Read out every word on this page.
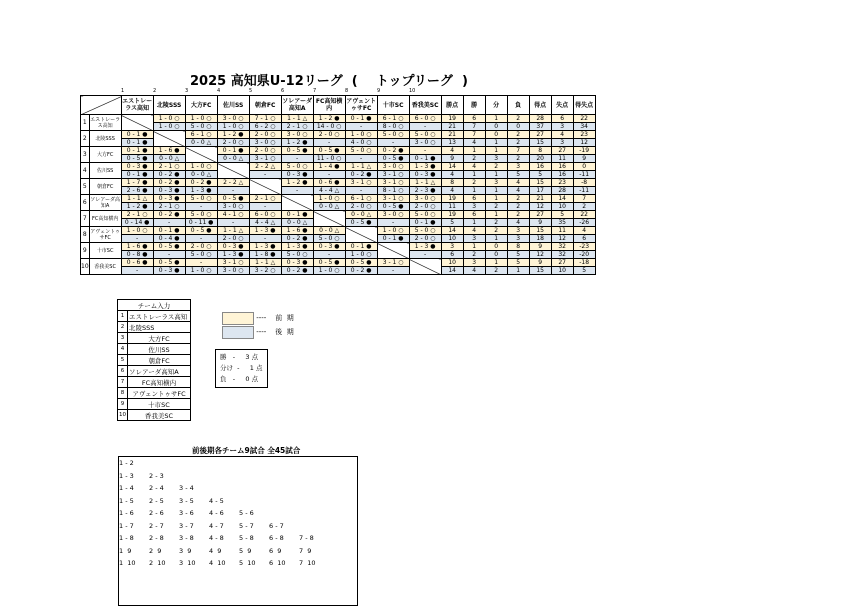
2025 高知県U-12リーグ  (    トップリーグ  )
1	2	3	4	5	6	7	8	9	10
		エストレーラス高知	北陵SSS	大方FC	佐川SS	朝倉FC	ソレアーダ高知A	FC高知横内	アヴェントゥサFC	十市SC	香我美SC	勝点	勝	分	負	得点	失点	得失点
1	エストレーラス高知		1 - 0 ○	1 - 0 ○	3 - 0 ○	7 - 1 ○	1 - 1 △	1 - 2 ●	0 - 1 ●	6 - 1 ○	6 - 0 ○	19	6	1	2	28	6	22
			1 - 0 ○	5 - 0 ○	1 - 0 ○	6 - 2 ○	2 - 1 ○	14 - 0 ○	-	8 - 0 ○	-	21	7	0	0	37	3	34
2	北陵SSS	0 - 1 ●		6 - 1 ○	1 - 2 ●	2 - 0 ○	3 - 0 ○	2 - 0 ○	1 - 0 ○	5 - 0 ○	5 - 0 ○	21	7	0	2	27	4	23
		0 - 1 ●		0 - 0 △	2 - 0 ○	3 - 0 ○	1 - 2 ●	-	4 - 0 ○	-	3 - 0 ○	13	4	1	2	15	3	12
3	大方FC	0 - 1 ●	1 - 6 ●		0 - 1 ●	2 - 0 ○	0 - 5 ●	0 - 5 ●	5 - 0 ○	0 - 2 ●	-	4	1	1	7	8	27	-19
		0 - 5 ●	0 - 0 △		0 - 0 △	3 - 1 ○	-	11 - 0 ○	-	0 - 5 ●	0 - 1 ●	9	2	3	2	20	11	9
4	佐川SS	0 - 3 ●	2 - 1 ○	1 - 0 ○		2 - 2 △	5 - 0 ○	1 - 4 ●	1 - 1 △	3 - 0 ○	1 - 3 ●	14	4	2	3	16	16	0
		0 - 1 ●	0 - 2 ●	0 - 0 △		-	0 - 3 ●	-	0 - 2 ●	3 - 1 ○	0 - 3 ●	4	1	1	5	5	16	-11
5	朝倉FC	1 - 7 ●	0 - 2 ●	0 - 2 ●	2 - 2 △		1 - 2 ●	0 - 6 ●	3 - 1 ○	3 - 1 ○	1 - 1 △	8	2	3	4	15	23	-8
		2 - 6 ●	0 - 3 ●	1 - 3 ●	-		-	4 - 4 △	-	8 - 1 ○	2 - 3 ●	4	1	1	4	17	28	-11
6	ソレアーダ高知A	1 - 1 △	0 - 3 ●	5 - 0 ○	0 - 5 ●	2 - 1 ○		1 - 0 ○	6 - 1 ○	3 - 1 ○	3 - 0 ○	19	6	1	2	21	14	7
		1 - 2 ●	2 - 1 ○	-	3 - 0 ○	-		0 - 0 △	2 - 0 ○	0 - 5 ●	2 - 0 ○	11	3	2	2	12	10	2
7	FC高知横内	2 - 1 ○	0 - 2 ●	5 - 0 ○	4 - 1 ○	6 - 0 ○	0 - 1 ●		0 - 0 △	3 - 0 ○	5 - 0 ○	19	6	1	2	27	5	22
		0 - 14 ●	-	0 - 11 ●	-	4 - 4 △	0 - 0 △		0 - 5 ●	-	0 - 1 ●	5	1	2	4	9	35	-26
8	アヴェントゥサFC	1 - 0 ○	0 - 1 ●	0 - 5 ●	1 - 1 △	1 - 3 ●	1 - 6 ●	0 - 0 △		1 - 0 ○	5 - 0 ○	14	4	2	3	15	11	4
		-	0 - 4 ●	-	2 - 0 ○	-	0 - 2 ●	5 - 0 ○		0 - 1 ●	2 - 0 ○	10	3	1	3	18	12	6
9	十市SC	1 - 6 ●	0 - 5 ●	2 - 0 ○	0 - 3 ●	1 - 3 ●	1 - 3 ●	0 - 3 ●	0 - 1 ●		1 - 3 ●	3	1	0	8	9	32	-23
		0 - 8 ●	-	5 - 0 ○	1 - 3 ●	1 - 8 ●	5 - 0 ○	-	1 - 0 ○		-	6	2	0	5	12	32	-20
10	香我美SC	0 - 6 ●	0 - 5 ●	-	3 - 1 ○	1 - 1 △	0 - 3 ●	0 - 5 ●	0 - 5 ●	3 - 1 ○		10	3	1	5	9	27	-18
		-	0 - 3 ●	1 - 0 ○	3 - 0 ○	3 - 2 ○	0 - 2 ●	1 - 0 ○	0 - 2 ●	-		14	4	2	1	15	10	5
----    前  期
----    後  期
チーム入力	
1	エストレーラス高知
2	北陵SSS
3	大方FC
4	佐川SS
5	朝倉FC
6	ソレアーダ高知A
7	FC高知横内
8	アヴェントゥサFC
9	十市SC
10	香我美SC
勝   -     3 点
分け  -     1 点
負   -     0 点
前後期各チーム9試合 全45試合
1 - 2
1 - 3 2 - 3
1 - 4 2 - 4 3 - 4
1 - 5 2 - 5 3 - 5 4 - 5
1 - 6 2 - 6 3 - 6 4 - 6 5 - 6
1 - 7 2 - 7 3 - 7 4 - 7 5 - 7 6 - 7
1 - 8 2 - 8 3 - 8 4 - 8 5 - 8 6 - 8 7 - 8
1  9	2  9	3  9	4  9	5  9	6  9	7  9
1  10 2  10 3  10 4  10 5  10 6  10 7  10
